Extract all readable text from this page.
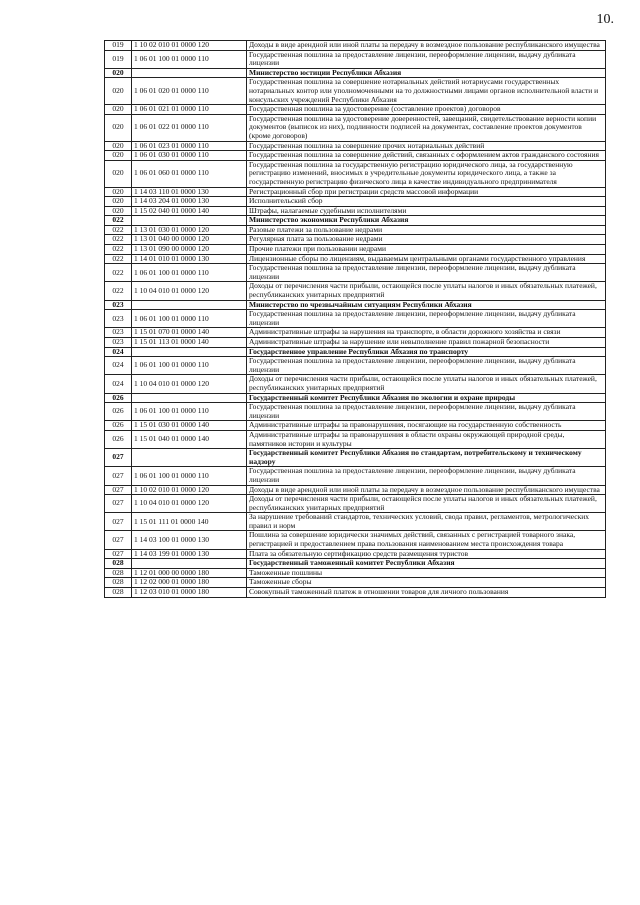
10.
019	1 10 02 010 01 0000 120	Доходы в виде арендной или иной платы за передачу в возмездное пользование республиканского имущества
019	1 06 01 100 01 0000 110	Государственная пошлина за предоставление лицензии, переоформление лицензии, выдачу дубликата лицензии
020		Министерство юстиции Республики Абхазия
020	1 06 01 020 01 0000 110	Государственная пошлина за совершение нотариальных действий нотариусами государственных нотариальных контор или уполномоченными на то должностными лицами органов исполнительной власти и консульских учреждений Республики Абхазия
020	1 06 01 021 01 0000 110	Государственная пошлина за удостоверение (составление проектов) договоров
020	1 06 01 022 01 0000 110	Государственная пошлина за удостоверение доверенностей, завещаний, свидетельствование верности копии документов (выписок из них), подлинности подписей на документах, составление проектов документов (кроме договоров)
020	1 06 01 023 01 0000 110	Государственная пошлина за совершение прочих нотариальных действий
020	1 06 01 030 01 0000 110	Государственная пошлина за совершение действий, связанных с оформлением актов гражданского состояния
020	1 06 01 060 01 0000 110	Государственная пошлина за государственную регистрацию юридического лица, за государственную регистрацию изменений, вносимых в учредительные документы юридического лица, а также за государственную регистрацию физического лица в качестве индивидуального предпринимателя
020	1 14 03 110 01 0000 130	Регистрационный сбор при регистрации средств массовой информации
020	1 14 03 204 01 0000 130	Исполнительский сбор
020	1 15 02 040 01 0000 140	Штрафы, налагаемые судебными исполнителями
022		Министерство экономики Республики Абхазия
022	1 13 01 030 01 0000 120	Разовые платежи за пользование недрами
022	1 13 01 040 00 0000 120	Регулярная плата за пользование недрами
022	1 13 01 090 00 0000 120	Прочие платежи при пользовании недрами
022	1 14 01 010 01 0000 130	Лицензионные сборы по лицензиям, выдаваемым центральными органами государственного управления
022	1 06 01 100 01 0000 110	Государственная пошлина за предоставление лицензии, переоформление лицензии, выдачу дубликата лицензии
022	1 10 04 010 01 0000 120	Доходы от перечисления части прибыли, остающейся после уплаты налогов и иных обязательных платежей, республиканских унитарных предприятий
023		Министерство по чрезвычайным ситуациям Республики Абхазия
023	1 06 01 100 01 0000 110	Государственная пошлина за предоставление лицензии, переоформление лицензии, выдачу дубликата лицензии
023	1 15 01 070 01 0000 140	Административные штрафы за нарушения на транспорте, в области дорожного хозяйства и связи
023	1 15 01 113 01 0000 140	Административные штрафы за нарушение или невыполнение правил пожарной безопасности
024		Государственное управление Республики Абхазия по транспорту
024	1 06 01 100 01 0000 110	Государственная пошлина за предоставление лицензии, переоформление лицензии, выдачу дубликата лицензии
024	1 10 04 010 01 0000 120	Доходы от перечисления части прибыли, остающейся после уплаты налогов и иных обязательных платежей, республиканских унитарных предприятий
026		Государственный комитет Республики Абхазия по экологии и охране природы
026	1 06 01 100 01 0000 110	Государственная пошлина за предоставление лицензии, переоформление лицензии, выдачу дубликата лицензии
026	1 15 01 030 01 0000 140	Административные штрафы за правонарушения, посягающие на государственную собственность
026	1 15 01 040 01 0000 140	Административные штрафы за правонарушения в области охраны окружающей природной среды, памятников истории и культуры
027		Государственный комитет Республики Абхазия по стандартам, потребительскому и техническому надзору
027	1 06 01 100 01 0000 110	Государственная пошлина за предоставление лицензии, переоформление лицензии, выдачу дубликата лицензии
027	1 10 02 010 01 0000 120	Доходы в виде арендной или иной платы за передачу в возмездное пользование республиканского имущества
027	1 10 04 010 01 0000 120	Доходы от перечисления части прибыли, остающейся после уплаты налогов и иных обязательных платежей, республиканских унитарных предприятий
027	1 15 01 111 01 0000 140	За нарушение требований стандартов, технических условий, свода правил, регламентов, метрологических правил и норм
027	1 14 03 100 01 0000 130	Пошлина за совершение юридически значимых действий, связанных с регистрацией товарного знака, регистрацией и предоставлением права пользования наименованием места происхождения товара
027	1 14 03 199 01 0000 130	Плата за обязательную сертификацию средств размещения туристов
028		Государственный таможенный комитет Республики Абхазия
028	1 12 01 000 00 0000 180	Таможенные пошлины
028	1 12 02 000 01 0000 180	Таможенные сборы
028	1 12 03 010 01 0000 180	Совокупный таможенный платеж в отношении товаров для личного пользования
